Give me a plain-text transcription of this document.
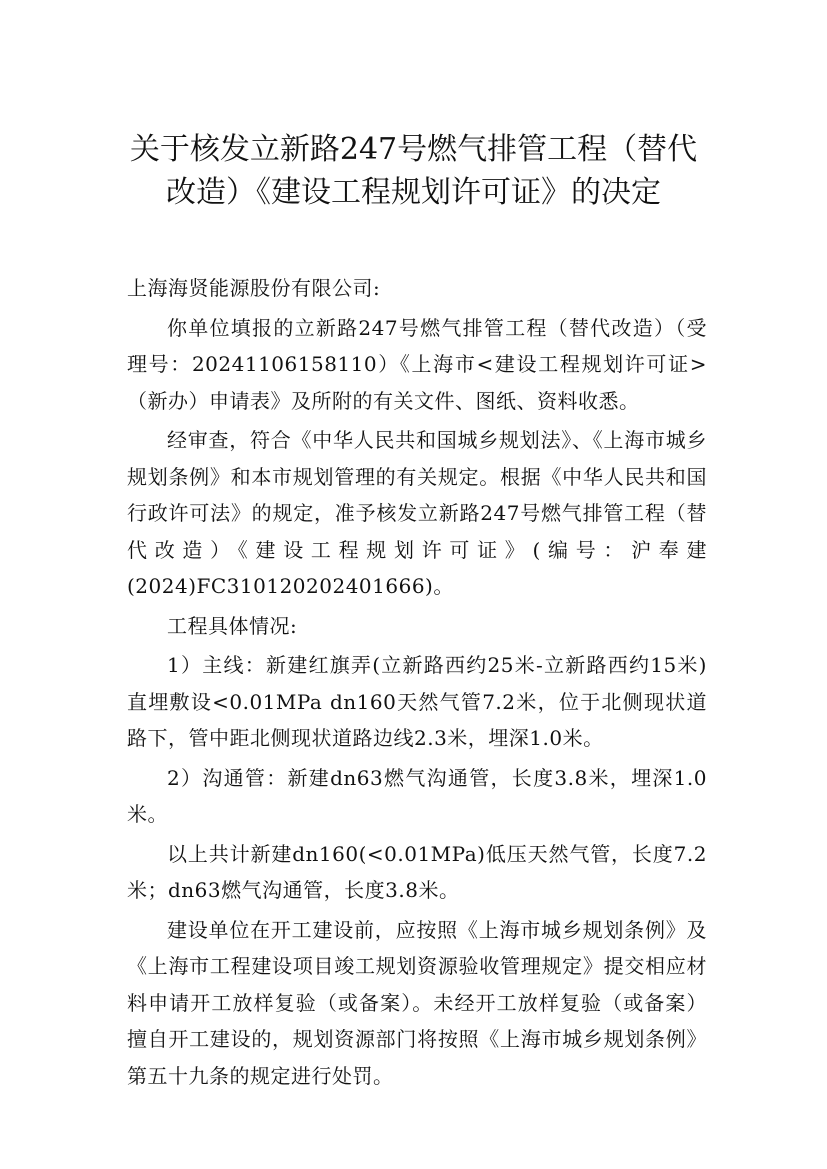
关于核发立新路247号燃气排管工程（替代
改造）《建设工程规划许可证》的决定

上海海贤能源股份有限公司:

你单位填报的立新路247号燃气排管工程（替代改造）（受理号：20241106158110）《上海市<建设工程规划许可证>（新办）申请表》及所附的有关文件、图纸、资料收悉。

经审查，符合《中华人民共和国城乡规划法》、《上海市城乡规划条例》和本市规划管理的有关规定。根据《中华人民共和国行政许可法》的规定，准予核发立新路247号燃气排管工程（替代改造）《建设工程规划许可证》(编号：沪奉建(2024)FC310120202401666)。

工程具体情况:

1）主线：新建红旗弄(立新路西约25米-立新路西约15米)直埋敷设<0.01MPa dn160天然气管7.2米，位于北侧现状道路下，管中距北侧现状道路边线2.3米，埋深1.0米。

2）沟通管：新建dn63燃气沟通管，长度3.8米，埋深1.0米。

以上共计新建dn160(<0.01MPa)低压天然气管，长度7.2米；dn63燃气沟通管，长度3.8米。

建设单位在开工建设前，应按照《上海市城乡规划条例》及《上海市工程建设项目竣工规划资源验收管理规定》提交相应材料申请开工放样复验（或备案）。未经开工放样复验（或备案）擅自开工建设的，规划资源部门将按照《上海市城乡规划条例》第五十九条的规定进行处罚。
